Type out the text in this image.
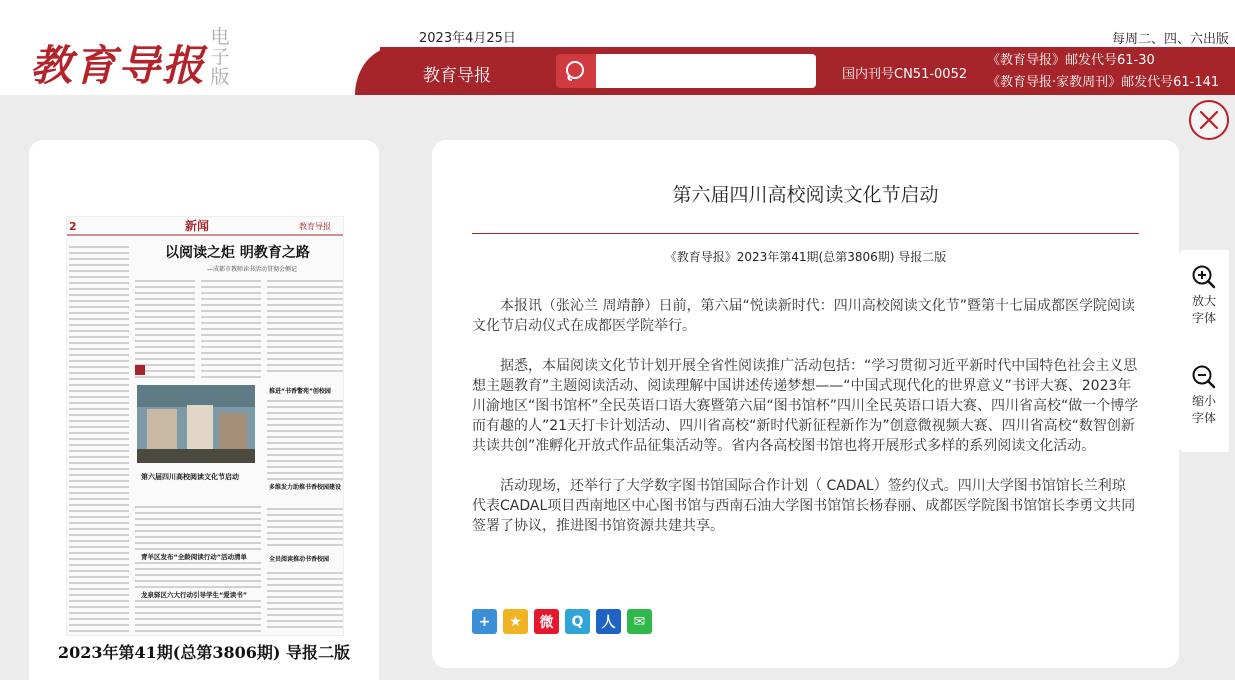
教育导报
电子版
2023年4月25日	每周二、四、六出版
教育导报	国内刊号CN51-0052
《教育导报》邮发代号61-30
《教育导报·家教周刊》邮发代号61-141
2	新闻	教育导报
以阅读之炬 明教育之路
—成都市教师读书活动贯彻会侧记
第六届四川高校阅读文化节启动
青羊区发布“全龄阅读行动”活动清单
龙泉驿区六大行动引导学生“爱读书”
推进“书香警苑”创校园
多维发力助推书香校园建设
全员阅读推动书香校园
2023年第41期(总第3806期) 导报二版
第六届四川高校阅读文化节启动
《教育导报》2023年第41期(总第3806期) 导报二版

本报讯（张沁兰 周靖静）日前，第六届“悦读新时代：四川高校阅读文化节”暨第十七届成都医学院阅读文化节启动仪式在成都医学院举行。

据悉，本届阅读文化节计划开展全省性阅读推广活动包括：“学习贯彻习近平新时代中国特色社会主义思想主题教育”主题阅读活动、阅读理解中国讲述传递梦想——“中国式现代化的世界意义”书评大赛、2023年川渝地区“图书馆杯”全民英语口语大赛暨第六届“图书馆杯”四川全民英语口语大赛、四川省高校“做一个博学而有趣的人”21天打卡计划活动、四川省高校“新时代新征程新作为”创意微视频大赛、四川省高校“数智创新共读共创”准孵化开放式作品征集活动等。省内各高校图书馆也将开展形式多样的系列阅读文化活动。

活动现场，还举行了大学数字图书馆国际合作计划（ CADAL）签约仪式。四川大学图书馆馆长兰利琼代表CADAL项目西南地区中心图书馆与西南石油大学图书馆馆长杨春丽、成都医学院图书馆馆长李勇文共同签署了协议，推进图书馆资源共建共享。

+	★	微	Q	人	✉
放大
字体
缩小
字体
